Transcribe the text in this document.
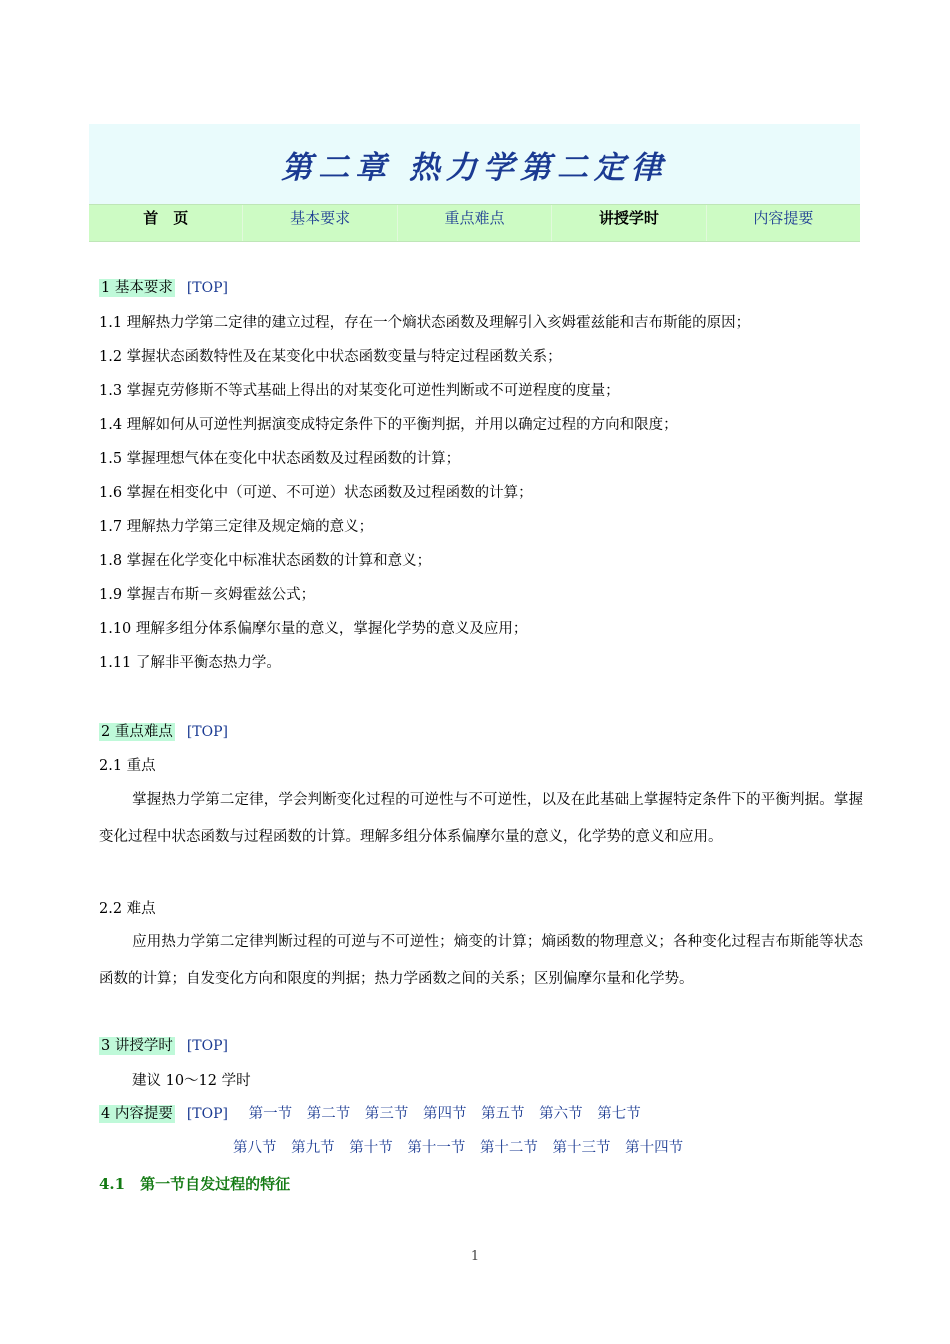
第二章 热力学第二定律
首　页	基本要求	重点难点	讲授学时	内容提要
1 基本要求 [TOP]
1.1 理解热力学第二定律的建立过程，存在一个熵状态函数及理解引入亥姆霍兹能和吉布斯能的原因；
1.2 掌握状态函数特性及在某变化中状态函数变量与特定过程函数关系；
1.3 掌握克劳修斯不等式基础上得出的对某变化可逆性判断或不可逆程度的度量；
1.4 理解如何从可逆性判据演变成特定条件下的平衡判据，并用以确定过程的方向和限度；
1.5 掌握理想气体在变化中状态函数及过程函数的计算；
1.6 掌握在相变化中（可逆、不可逆）状态函数及过程函数的计算；
1.7 理解热力学第三定律及规定熵的意义；
1.8 掌握在化学变化中标准状态函数的计算和意义；
1.9 掌握吉布斯－亥姆霍兹公式；
1.10 理解多组分体系偏摩尔量的意义，掌握化学势的意义及应用；
1.11 了解非平衡态热力学。
2 重点难点 [TOP]
2.1 重点
掌握热力学第二定律，学会判断变化过程的可逆性与不可逆性，以及在此基础上掌握特定条件下的平衡判据。掌握变化过程中状态函数与过程函数的计算。理解多组分体系偏摩尔量的意义，化学势的意义和应用。
2.2 难点
应用热力学第二定律判断过程的可逆与不可逆性；熵变的计算；熵函数的物理意义；各种变化过程吉布斯能等状态函数的计算；自发变化方向和限度的判据；热力学函数之间的关系；区别偏摩尔量和化学势。
3 讲授学时 [TOP]
建议 10～12 学时
4 内容提要 [TOP] 第一节 第二节 第三节 第四节 第五节 第六节 第七节
第八节 第九节 第十节 第十一节 第十二节 第十三节 第十四节
4.1　第一节自发过程的特征
1
